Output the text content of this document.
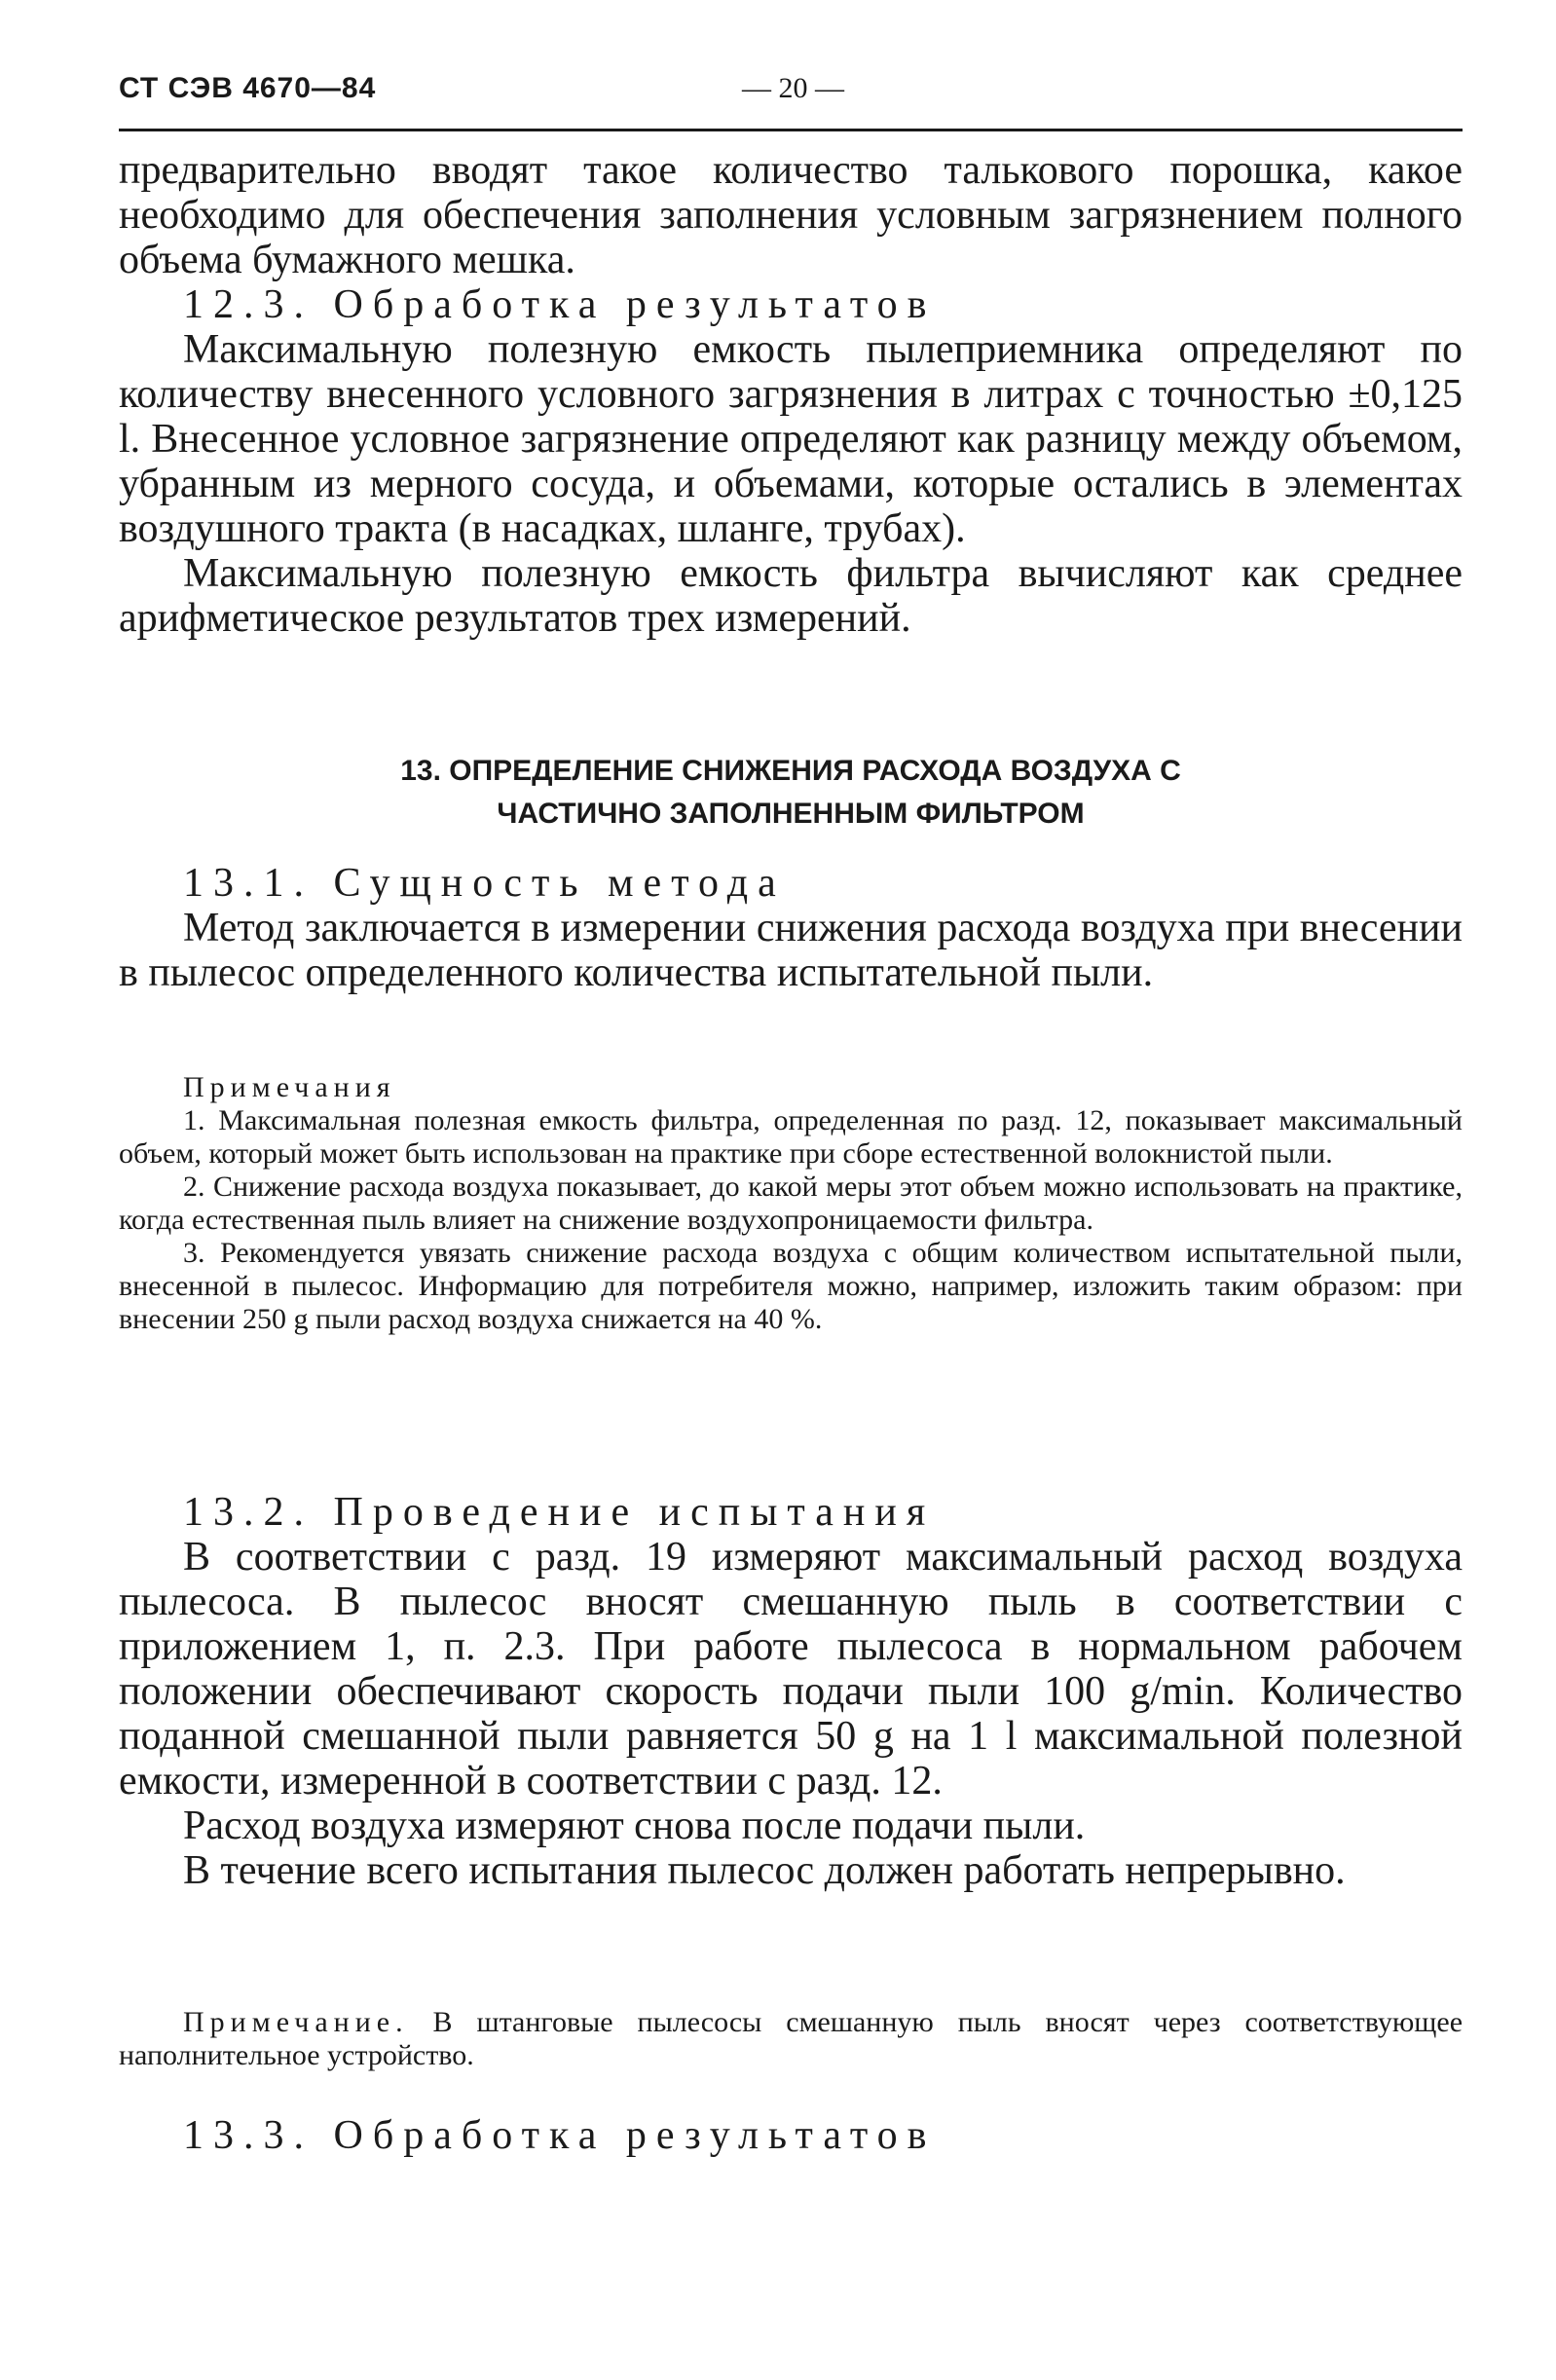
СТ СЭВ 4670—84	— 20 —

предварительно вводят такое количество талькового порошка, какое необходимо для обеспечения заполнения условным загрязнением полного объема бумажного мешка.

12.3. Обработка результатов

Максимальную полезную емкость пылеприемника определяют по количеству внесенного условного загрязнения в литрах с точностью ±0,125 l. Внесенное условное загрязнение определяют как разницу между объемом, убранным из мерного сосуда, и объемами, которые остались в элементах воздушного тракта (в насадках, шланге, трубах).

Максимальную полезную емкость фильтра вычисляют как среднее арифметическое результатов трех измерений.

13. ОПРЕДЕЛЕНИЕ СНИЖЕНИЯ РАСХОДА ВОЗДУХА С
ЧАСТИЧНО ЗАПОЛНЕННЫМ ФИЛЬТРОМ

13.1. Сущность метода

Метод заключается в измерении снижения расхода воздуха при внесении в пылесос определенного количества испытательной пыли.

Примечания

1. Максимальная полезная емкость фильтра, определенная по разд. 12, показывает максимальный объем, который может быть использован на практике при сборе естественной волокнистой пыли.

2. Снижение расхода воздуха показывает, до какой меры этот объем можно использовать на практике, когда естественная пыль влияет на снижение воздухопроницаемости фильтра.

3. Рекомендуется увязать снижение расхода воздуха с общим количеством испытательной пыли, внесенной в пылесос. Информацию для потребителя можно, например, изложить таким образом: при внесении 250 g пыли расход воздуха снижается на 40 %.

13.2. Проведение испытания

В соответствии с разд. 19 измеряют максимальный расход воздуха пылесоса. В пылесос вносят смешанную пыль в соответствии с приложением 1, п. 2.3. При работе пылесоса в нормальном рабочем положении обеспечивают скорость подачи пыли 100 g/min. Количество поданной смешанной пыли равняется 50 g на 1 l максимальной полезной емкости, измеренной в соответствии с разд. 12.

Расход воздуха измеряют снова после подачи пыли.

В течение всего испытания пылесос должен работать непрерывно.

Примечание. В штанговые пылесосы смешанную пыль вносят через соответствующее наполнительное устройство.

13.3. Обработка результатов
